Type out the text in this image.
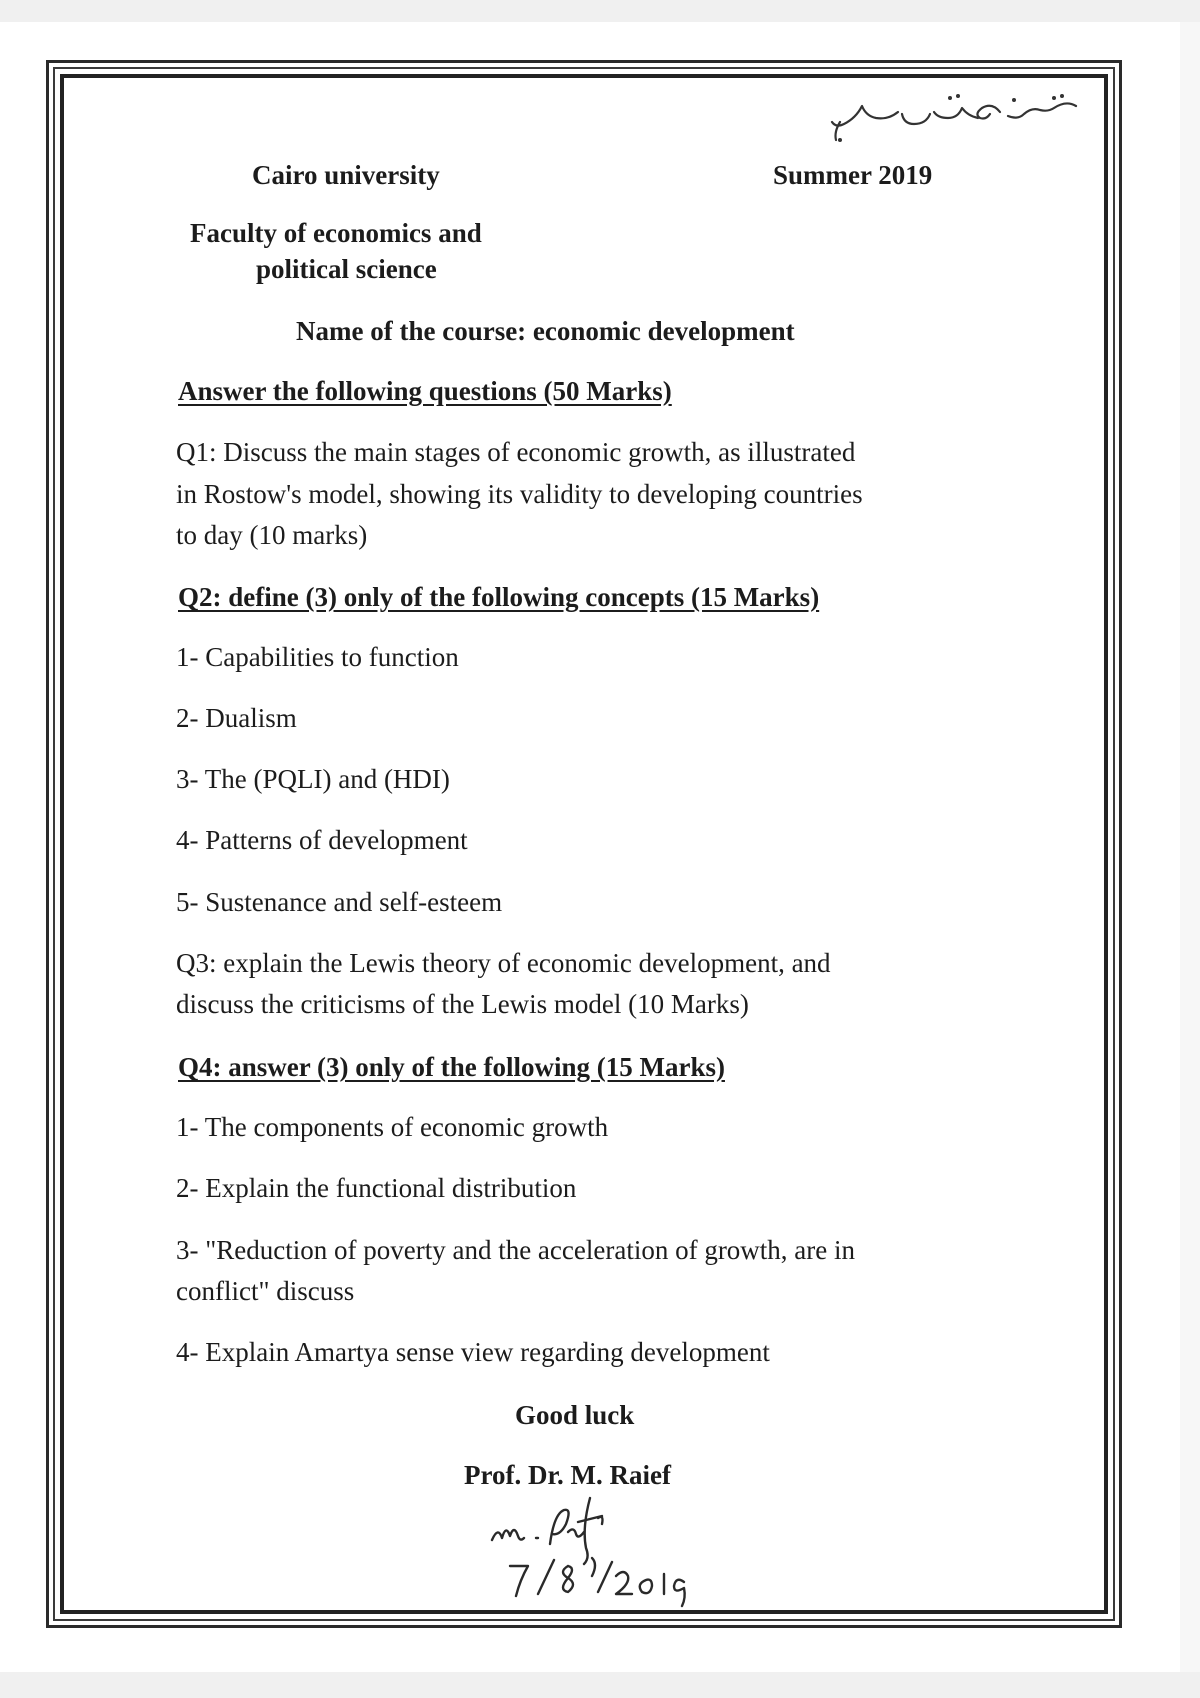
Cairo university	Summer 2019

Faculty of economics and

political science

Name of the course: economic development

Answer the following questions (50 Marks)

Q1: Discuss the main stages of economic growth, as illustrated

in Rostow's model, showing its validity to developing countries

to day (10 marks)

Q2: define (3) only of the following concepts (15 Marks)

1- Capabilities to function

2- Dualism

3- The (PQLI) and (HDI)

4- Patterns of development

5- Sustenance and self-esteem

Q3: explain the Lewis theory of economic development, and

discuss the criticisms of the Lewis model (10 Marks)

Q4: answer (3) only of the following (15 Marks)

1- The components of economic growth

2- Explain the functional distribution

3- "Reduction of poverty and the acceleration of growth, are in

conflict" discuss

4- Explain Amartya sense view regarding development

Good luck

Prof. Dr. M. Raief
